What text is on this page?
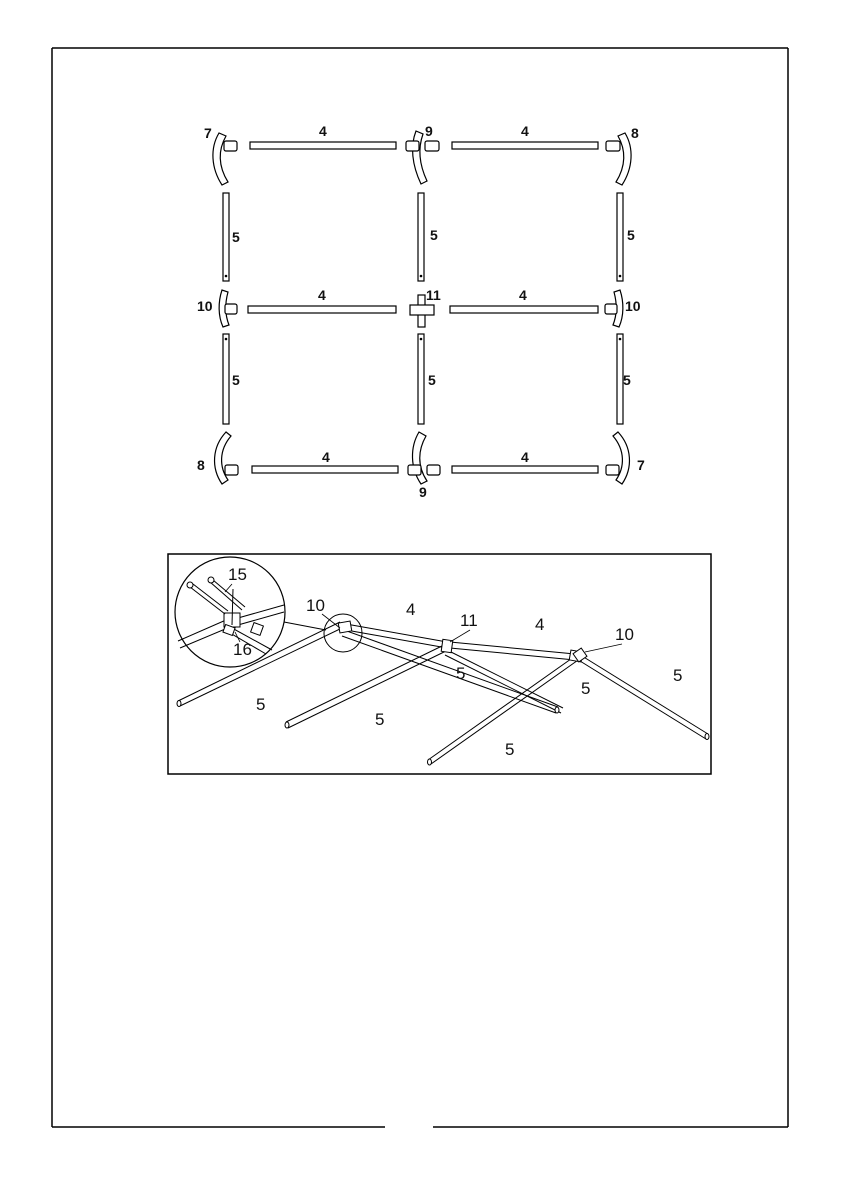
7	4	9	4	8
5	5	5
10
4	11	4
10
5	5	5
8	4
9
4	7
15
16
10	4
11	4
10
5
5
5
5
5
5
